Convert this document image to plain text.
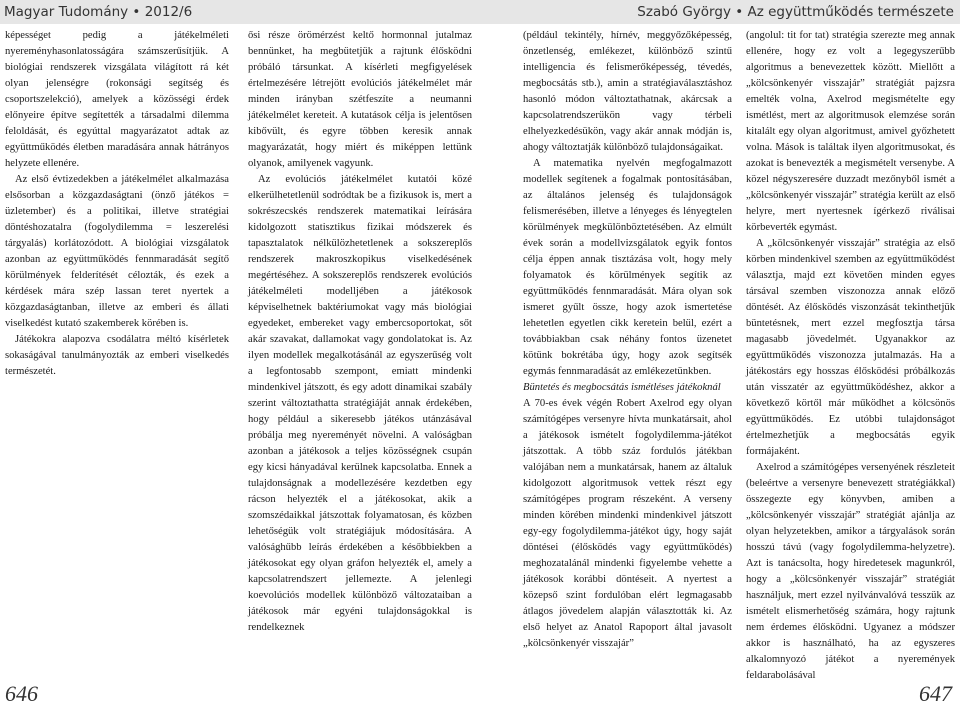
Magyar Tudomány • 2012/6

képességet pedig a játékelméleti nyereményhasonlatosságára számszerűsítjük. A biológiai rendszerek vizsgálata világított rá két olyan jelenségre (rokonsági segítség és csoportszelekció), amelyek a közösségi érdek előnyeire építve segítették a társadalmi dilemma feloldását, és egyúttal magyarázatot adtak az együttműködés életben maradására annak hátrányos helyzete ellenére.

Az első évtizedekben a játékelmélet alkalmazása elsősorban a közgazdaságtani (önző játékos = üzletember) és a politikai, illetve stratégiai döntéshozatalra (fogolydilemma = leszerelési tárgyalás) korlátozódott. A biológiai vizsgálatok azonban az együttműködés fennmaradását segítő körülmények felderítését célozták, és ezek a kérdések mára szép lassan teret nyertek a közgazdaságtanban, illetve az emberi és állati viselkedést kutató szakemberek körében is.

Játékokra alapozva csodálatra méltó kísérletek sokaságával tanulmányozták az emberi viselkedés természetét.

ősi része örömérzést keltő hormonnal jutalmaz bennünket, ha megbütetjük a rajtunk élősködni próbáló társunkat. A kísérleti megfigyelések értelmezésére létrejött evolúciós játékelmélet már minden irányban szétfeszíte a neumanni játékelmélet kereteit. A kutatások célja is jelentősen kibővült, és egyre többen keresik annak magyarázatát, hogy miért és miképpen lettünk olyanok, amilyenek vagyunk.

Az evolúciós játékelmélet kutatói közé elkerülhetetlenül sodródtak be a fizikusok is, mert a sokrészecskés rendszerek matematikai leírására kidolgozott statisztikus fizikai módszerek és tapasztalatok nélkülözhetetlenek a sokszereplős rendszerek makroszkopikus viselkedésének megértéséhez. A sokszereplős rendszerek evolúciós játékelméleti modelljében a játékosok képviselhetnek baktériumokat vagy más biológiai egyedeket, embereket vagy embercsoportokat, sőt akár szavakat, dallamokat vagy gondolatokat is. Az ilyen modellek megalkotásánál az egyszerűség volt a legfontosabb szempont, emiatt mindenki mindenkivel játszott, és egy adott dinamikai szabály szerint változtathatta stratégiáját annak érdekében, hogy például a sikeresebb játékos utánzásával próbálja meg nyereményét növelni. A valóságban azonban a játékosok a teljes közösségnek csupán egy kicsi hányadával kerülnek kapcsolatba. Ennek a tulajdonságnak a modellezésére kezdetben egy rácson helyezték el a játékosokat, akik a szomszédaikkal játszottak folyamatosan, és közben lehetőségük volt stratégiájuk módosítására. A valósághűbb leírás érdekében a későbbiekben a játékosokat egy olyan gráfon helyezték el, amely a kapcsolatrendszert jellemezte. A jelenlegi koevolúciós modellek különböző változataiban a játékosok már egyéni tulajdonságokkal is rendelkeznek

646
Szabó György • Az együttműködés természete

(például tekintély, hírnév, meggyőzőképesség, önzetlenség, emlékezet, különböző szintű intelligencia és felismerőképesség, tévedés, megbocsátás stb.), amin a stratégiaválasztáshoz hasonló módon változtathatnak, akárcsak a kapcsolatrendszerükön vagy térbeli elhelyezkedésükön, vagy akár annak módján is, ahogy változtatják különböző tulajdonságaikat.

A matematika nyelvén megfogalmazott modellek segítenek a fogalmak pontosításában, az általános jelenség és tulajdonságok felismerésében, illetve a lényeges és lényegtelen körülmények megkülönböztetésében. Az elmúlt évek során a modellvizsgálatok egyik fontos célja éppen annak tisztázása volt, hogy mely folyamatok és körülmények segítik az együttműködés fennmaradását. Mára olyan sok ismeret gyűlt össze, hogy azok ismertetése lehetetlen egyetlen cikk keretein belül, ezért a továbbiakban csak néhány fontos üzenetet kötünk bokrétába úgy, hogy azok segítsék egymás fennmaradását az emlékezetünkben.

Büntetés és megbocsátás ismétléses játékoknál

A 70-es évek végén Robert Axelrod egy olyan számítógépes versenyre hívta munkatársait, ahol a játékosok ismételt fogolydilemma-játékot játszottak. A több száz fordulós játékban valójában nem a munkatársak, hanem az általuk kidolgozott algoritmusok vettek részt egy számítógépes program részeként. A verseny minden körében mindenki mindenkivel játszott egy-egy fogolydilemma-játékot úgy, hogy saját döntései (élősködés vagy együttműködés) meghozatalánál mindenki figyelembe vehette a játékosok korábbi döntéseit. A nyertest a közepső szint fordulóban elért legmagasabb átlagos jövedelem alapján választották ki. Az első helyet az Anatol Rapoport által javasolt „kölcsönkenyér visszajár”

(angolul: tit for tat) stratégia szerezte meg annak ellenére, hogy ez volt a legegyszerűbb algoritmus a benevezettek között. Miellőtt a „kölcsönkenyér visszajár” stratégiát pajzsra emelték volna, Axelrod megismételte egy ismétlést, mert az algoritmusok elemzése során kitalált egy olyan algoritmust, amivel győzhetett volna. Mások is találtak ilyen algoritmusokat, és azokat is benevezték a megismételt versenybe. A közel négyszeresére duzzadt mezőnyből ismét a „kölcsönkenyér visszajár” stratégia került az első helyre, mert nyertesnek ígérkező riválisai körbeverték egymást.

A „kölcsönkenyér visszajár” stratégia az első körben mindenkivel szemben az együttműködést választja, majd ezt követően minden egyes társával szemben viszonozza annak előző döntését. Az élősködés viszonzását tekinthetjük büntetésnek, mert ezzel megfosztja társa magasabb jövedelmét. Ugyanakkor az együttműködés viszonozza jutalmazás. Ha a játékostárs egy hosszas élősködési próbálkozás után visszatér az együttműködéshez, akkor a következő körtől már működhet a kölcsönös együttműködés. Ez utóbbi tulajdonságot értelmezhetjük a megbocsátás egyik formájaként.

Axelrod a számítógépes versenyének részleteit (beleértve a versenyre benevezett stratégiákkal) összegezte egy könyvben, amiben a „kölcsönkenyér visszajár” stratégiát ajánlja az olyan helyzetekben, amikor a tárgyalások során hosszú távú (vagy fogolydilemma-helyzetre). Azt is tanácsolta, hogy hiredetesek magunkról, hogy a „kölcsönkenyér visszajár” stratégiát használjuk, mert ezzel nyilvánvalóvá tesszük az ismételt elismerhetőség számára, hogy rajtunk nem érdemes élősködni. Ugyanez a módszer akkor is használható, ha az egyszeres alkalomnyozó játékot a nyeremények feldarabolásával

647
